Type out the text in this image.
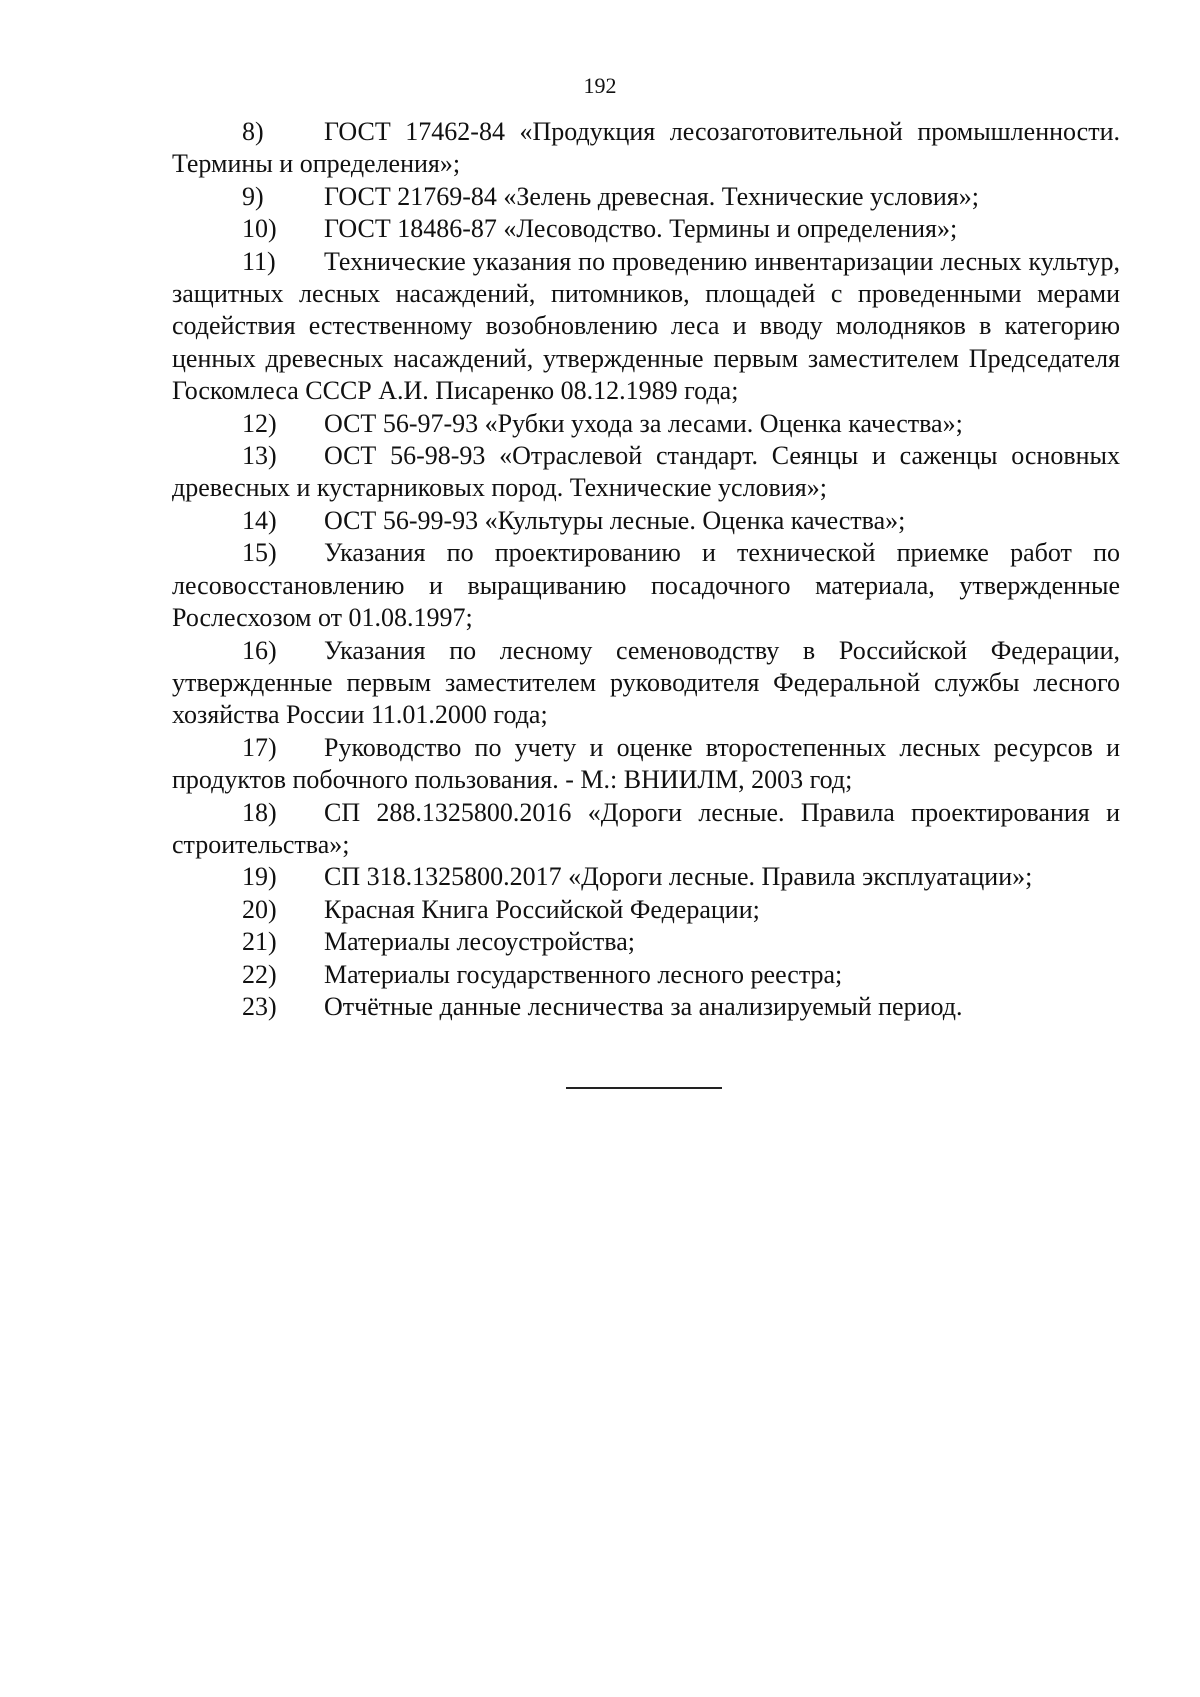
192
8) ГОСТ 17462-84 «Продукция лесозаготовительной промышленности. Термины и определения»;
9) ГОСТ 21769-84 «Зелень древесная. Технические условия»;
10) ГОСТ 18486-87 «Лесоводство. Термины и определения»;
11) Технические указания по проведению инвентаризации лесных культур, защитных лесных насаждений, питомников, площадей с проведенными мерами содействия естественному возобновлению леса и вводу молодняков в категорию ценных древесных насаждений, утвержденные первым заместителем Председателя Госкомлеса СССР А.И. Писаренко 08.12.1989 года;
12) ОСТ 56-97-93 «Рубки ухода за лесами. Оценка качества»;
13) ОСТ 56-98-93 «Отраслевой стандарт. Сеянцы и саженцы основных древесных и кустарниковых пород. Технические условия»;
14) ОСТ 56-99-93 «Культуры лесные. Оценка качества»;
15) Указания по проектированию и технической приемке работ по лесовосстановлению и выращиванию посадочного материала, утвержденные Рослесхозом от 01.08.1997;
16) Указания по лесному семеноводству в Российской Федерации, утвержденные первым заместителем руководителя Федеральной службы лесного хозяйства России 11.01.2000 года;
17) Руководство по учету и оценке второстепенных лесных ресурсов и продуктов побочного пользования. - М.: ВНИИЛМ, 2003 год;
18) СП 288.1325800.2016 «Дороги лесные. Правила проектирования и строительства»;
19) СП 318.1325800.2017 «Дороги лесные. Правила эксплуатации»;
20) Красная Книга Российской Федерации;
21) Материалы лесоустройства;
22) Материалы государственного лесного реестра;
23) Отчётные данные лесничества за анализируемый период.
